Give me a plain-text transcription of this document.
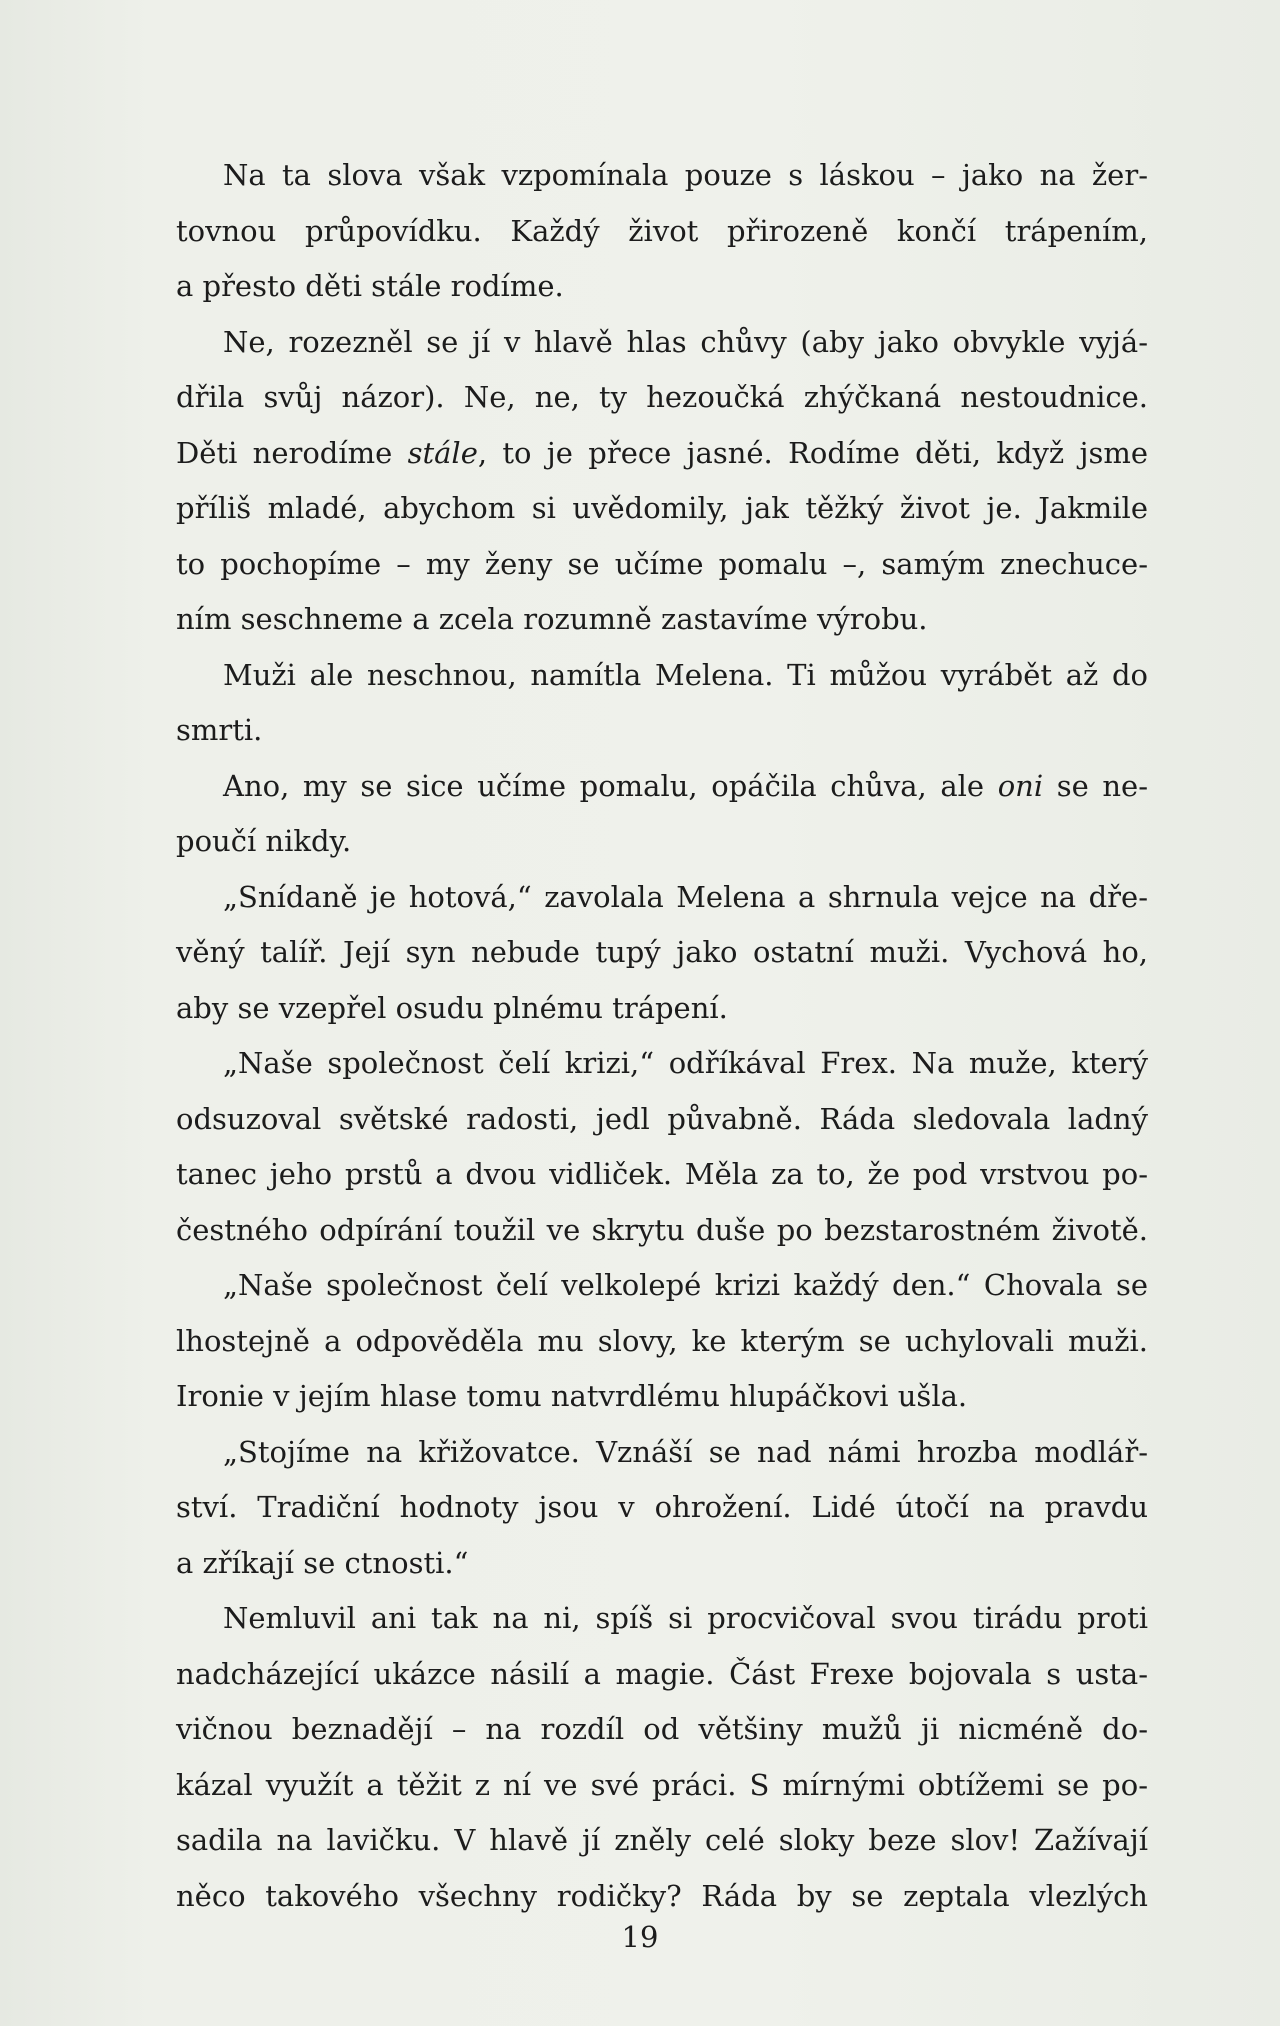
Na ta slova však vzpomínala pouze s láskou – jako na žer-
tovnou průpovídku. Každý život přirozeně končí trápením,
a přesto děti stále rodíme.
Ne, rozezněl se jí v hlavě hlas chůvy (aby jako obvykle vyjá-
dřila svůj názor). Ne, ne, ty hezoučká zhýčkaná nestoudnice.
Děti nerodíme stále, to je přece jasné. Rodíme děti, když jsme
příliš mladé, abychom si uvědomily, jak těžký život je. Jakmile
to pochopíme – my ženy se učíme pomalu –, samým znechuce-
ním seschneme a zcela rozumně zastavíme výrobu.
Muži ale neschnou, namítla Melena. Ti můžou vyrábět až do
smrti.
Ano, my se sice učíme pomalu, opáčila chůva, ale oni se ne-
poučí nikdy.
„Snídaně je hotová,“ zavolala Melena a shrnula vejce na dře-
věný talíř. Její syn nebude tupý jako ostatní muži. Vychová ho,
aby se vzepřel osudu plnému trápení.
„Naše společnost čelí krizi,“ odříkával Frex. Na muže, který
odsuzoval světské radosti, jedl půvabně. Ráda sledovala ladný
tanec jeho prstů a dvou vidliček. Měla za to, že pod vrstvou po-
čestného odpírání toužil ve skrytu duše po bezstarostném životě.
„Naše společnost čelí velkolepé krizi každý den.“ Chovala se
lhostejně a odpověděla mu slovy, ke kterým se uchylovali muži.
Ironie v jejím hlase tomu natvrdlému hlupáčkovi ušla.
„Stojíme na křižovatce. Vznáší se nad námi hrozba modlář-
ství. Tradiční hodnoty jsou v ohrožení. Lidé útočí na pravdu
a zříkají se ctnosti.“
Nemluvil ani tak na ni, spíš si procvičoval svou tirádu proti
nadcházející ukázce násilí a magie. Část Frexe bojovala s usta-
vičnou beznadějí – na rozdíl od většiny mužů ji nicméně do-
kázal využít a těžit z ní ve své práci. S mírnými obtížemi se po-
sadila na lavičku. V hlavě jí zněly celé sloky beze slov! Zažívají
něco takového všechny rodičky? Ráda by se zeptala vlezlých
19
